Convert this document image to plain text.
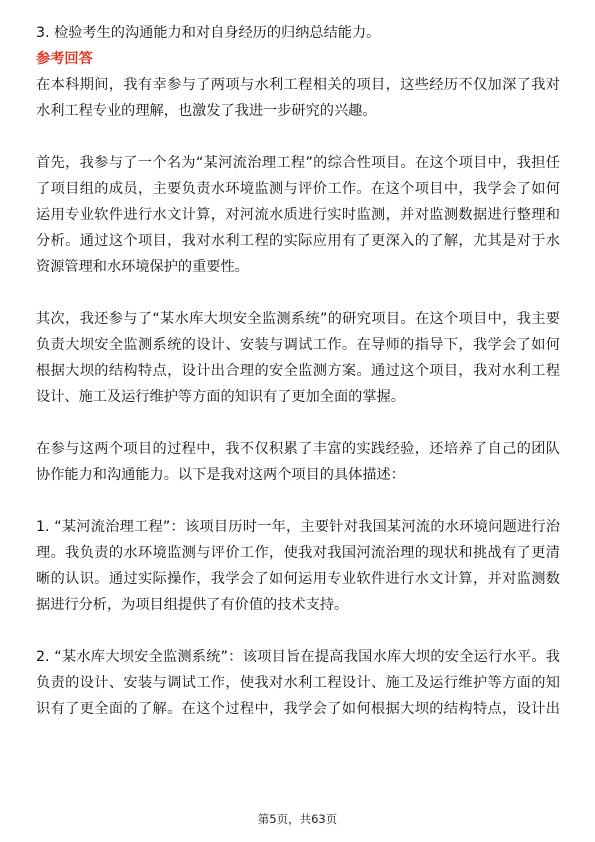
3. 检验考生的沟通能力和对自身经历的归纳总结能力。
参考回答
在本科期间，我有幸参与了两项与水利工程相关的项目，这些经历不仅加深了我对
水利工程专业的理解，也激发了我进一步研究的兴趣。
首先，我参与了一个名为“某河流治理工程”的综合性项目。在这个项目中，我担任
了项目组的成员，主要负责水环境监测与评价工作。在这个项目中，我学会了如何
运用专业软件进行水文计算，对河流水质进行实时监测，并对监测数据进行整理和
分析。通过这个项目，我对水利工程的实际应用有了更深入的了解，尤其是对于水
资源管理和水环境保护的重要性。
其次，我还参与了“某水库大坝安全监测系统”的研究项目。在这个项目中，我主要
负责大坝安全监测系统的设计、安装与调试工作。在导师的指导下，我学会了如何
根据大坝的结构特点，设计出合理的安全监测方案。通过这个项目，我对水利工程
设计、施工及运行维护等方面的知识有了更加全面的掌握。
在参与这两个项目的过程中，我不仅积累了丰富的实践经验，还培养了自己的团队
协作能力和沟通能力。以下是我对这两个项目的具体描述：
1. “某河流治理工程”：该项目历时一年，主要针对我国某河流的水环境问题进行治
理。我负责的水环境监测与评价工作，使我对我国河流治理的现状和挑战有了更清
晰的认识。通过实际操作，我学会了如何运用专业软件进行水文计算，并对监测数
据进行分析，为项目组提供了有价值的技术支持。
2. “某水库大坝安全监测系统”：该项目旨在提高我国水库大坝的安全运行水平。我
负责的设计、安装与调试工作，使我对水利工程设计、施工及运行维护等方面的知
识有了更全面的了解。在这个过程中，我学会了如何根据大坝的结构特点，设计出
第5页，共63页
